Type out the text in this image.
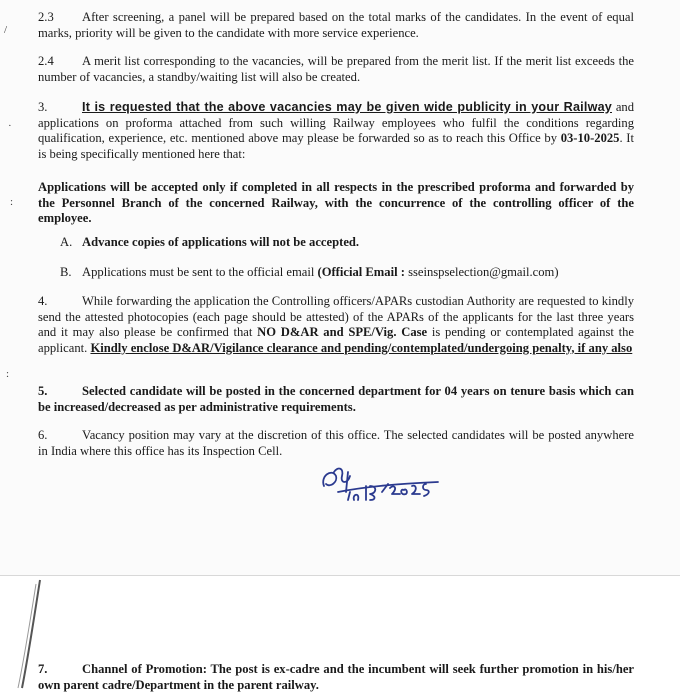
2.3 After screening, a panel will be prepared based on the total marks of the candidates. In the event of equal marks, priority will be given to the candidate with more service experience.
2.4 A merit list corresponding to the vacancies, will be prepared from the merit list. If the merit list exceeds the number of vacancies, a standby/waiting list will also be created.
3.	It is requested that the above vacancies may be given wide publicity in your Railway and applications on proforma attached from such willing Railway employees who fulfil the conditions regarding qualification, experience, etc. mentioned above may please be forwarded so as to reach this Office by 03-10-2025. It is being specifically mentioned here that:
Applications will be accepted only if completed in all respects in the prescribed proforma and forwarded by the Personnel Branch of the concerned Railway, with the concurrence of the controlling officer of the employee.
A. Advance copies of applications will not be accepted.
B. Applications must be sent to the official email (Official Email : sseinspselection@gmail.com)
4.	While forwarding the application the Controlling officers/APARs custodian Authority are requested to kindly send the attested photocopies (each page should be attested) of the APARs of the applicants for the last three years and it may also please be confirmed that NO D&AR and SPE/Vig. Case is pending or contemplated against the applicant. Kindly enclose D&AR/Vigilance clearance and pending/contemplated/undergoing penalty, if any also
5.	Selected candidate will be posted in the concerned department for 04 years on tenure basis which can be increased/decreased as per administrative requirements.
6.	Vacancy position may vary at the discretion of this office. The selected candidates will be posted anywhere in India where this office has its Inspection Cell.
/
·
:
:
7.	Channel of Promotion: The post is ex-cadre and the incumbent will seek further promotion in his/her own parent cadre/Department in the parent railway.
